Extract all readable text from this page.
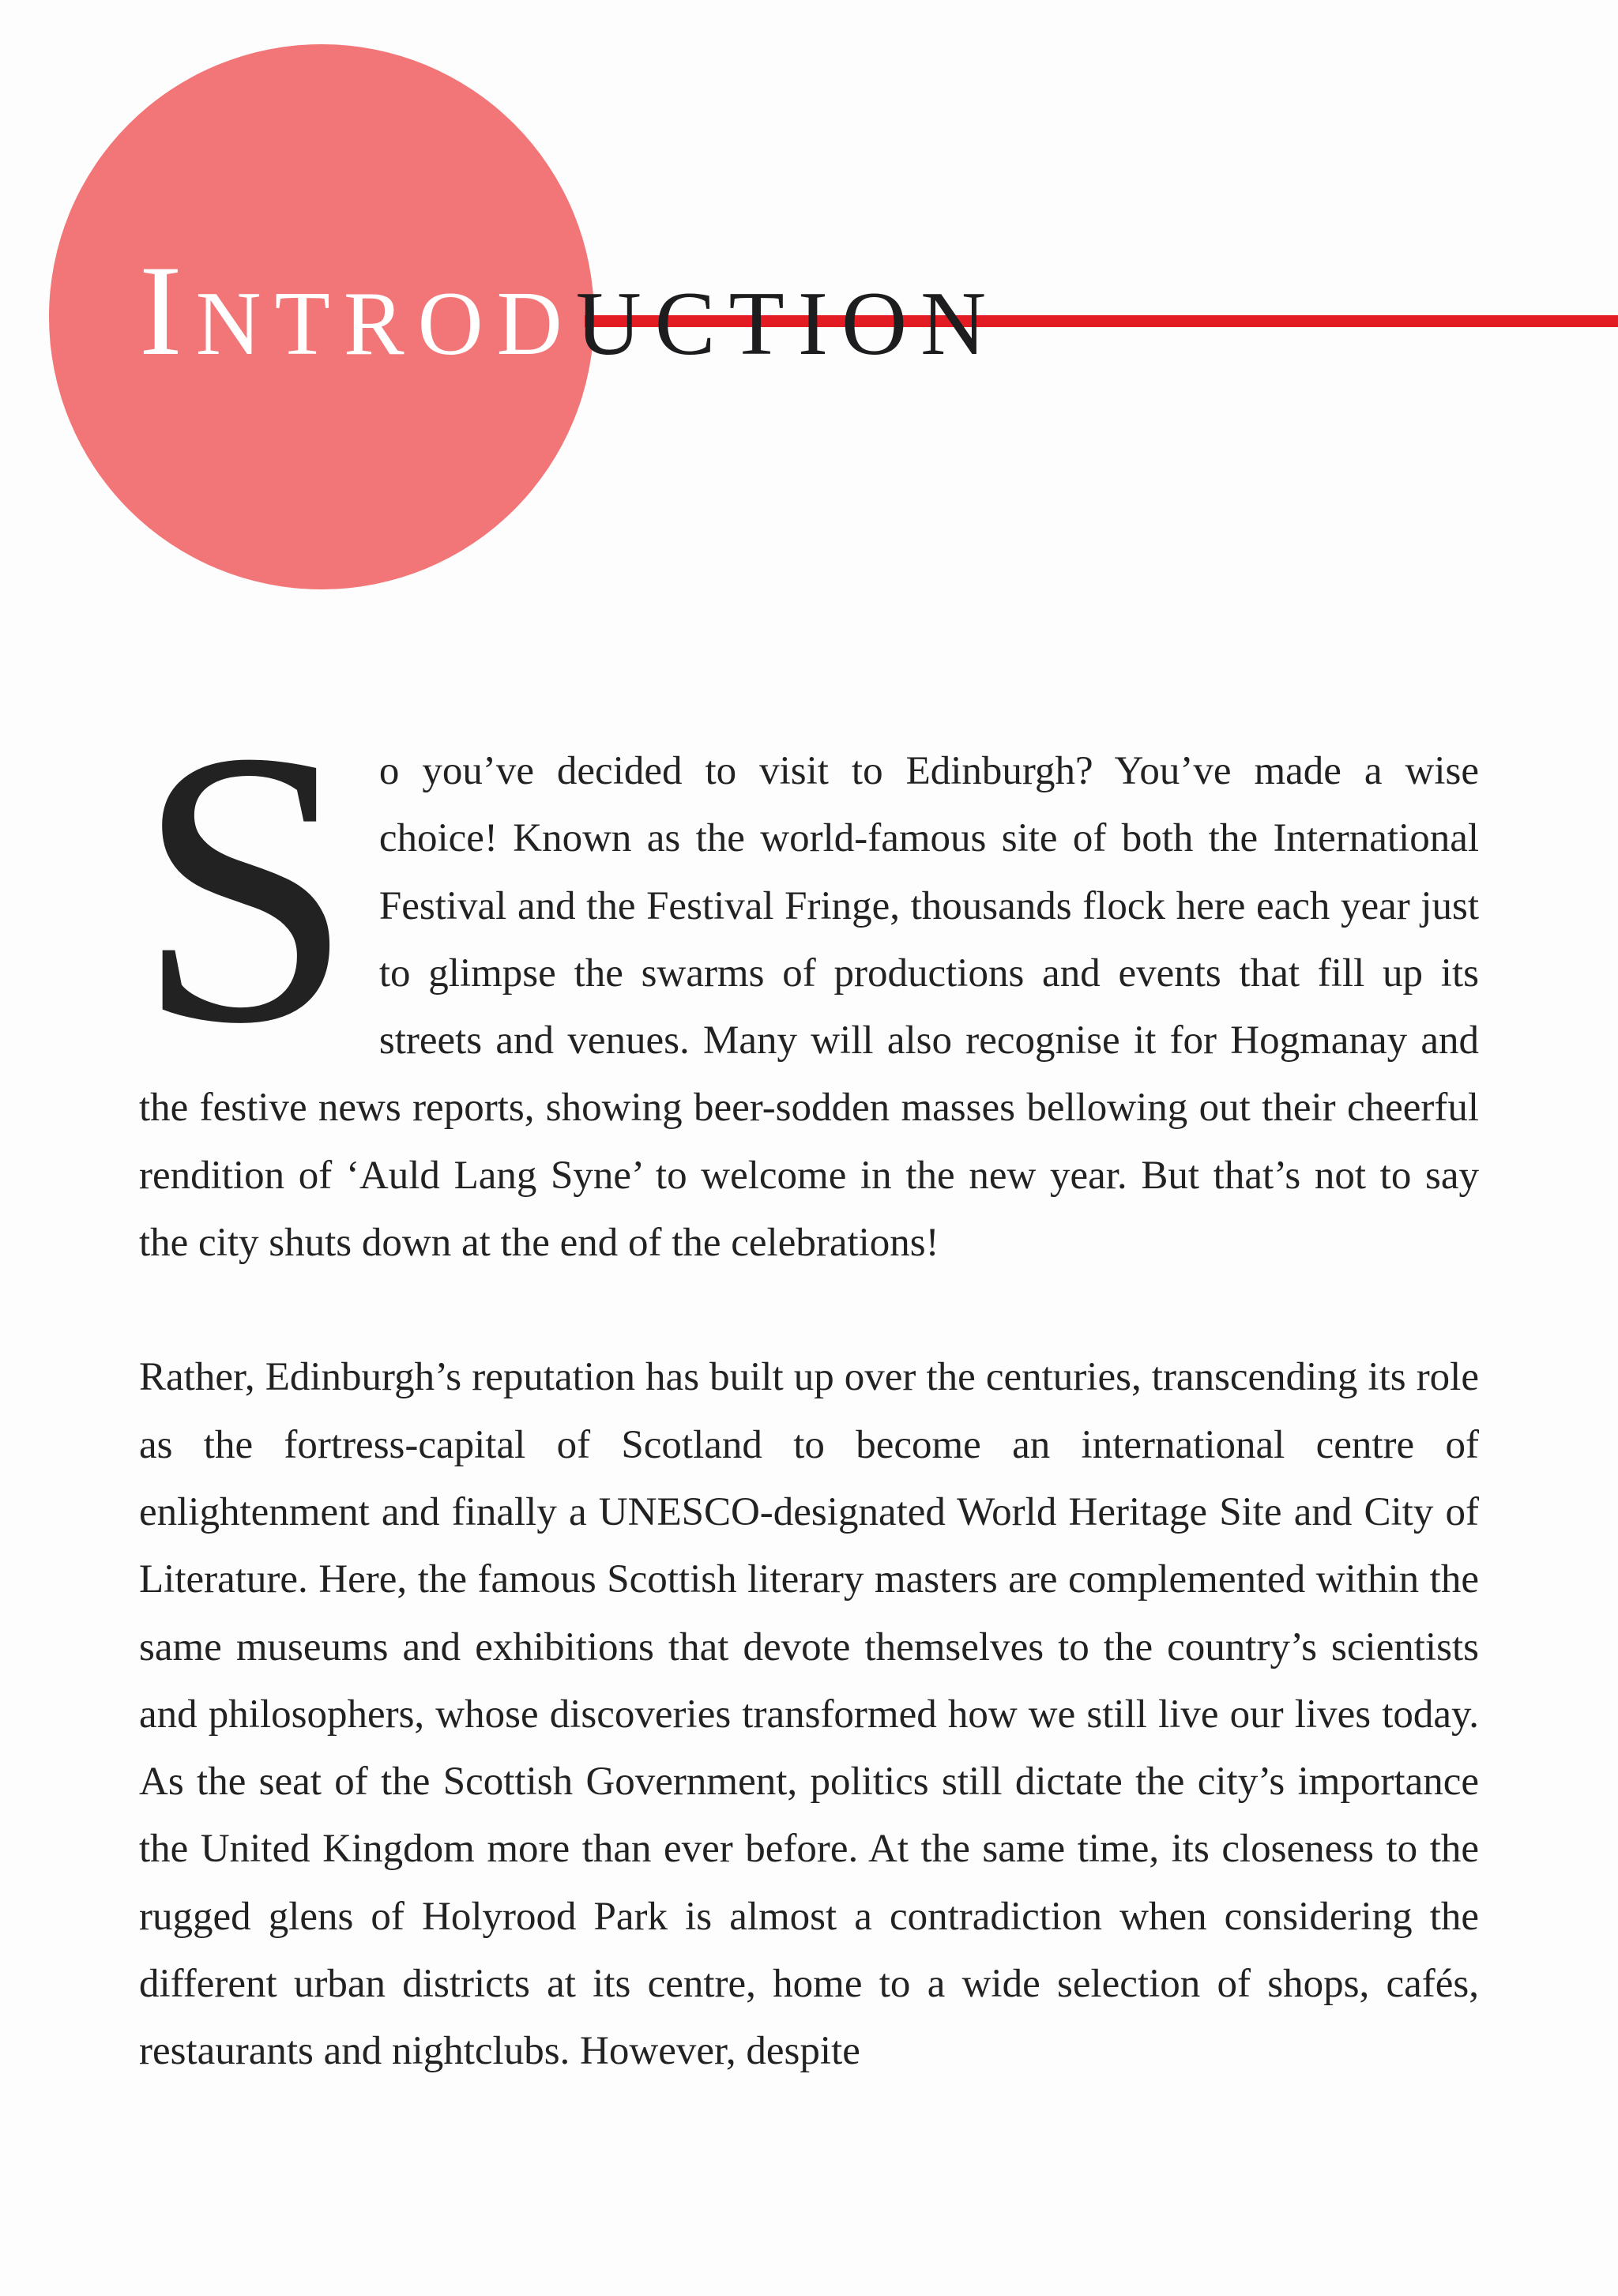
Introduction
S o you’ve decided to visit to Edinburgh? You’ve made a wise choice! Known as the world-famous site of both the International Festival and the Festival Fringe, thousands flock here each year just to glimpse the swarms of productions and events that fill up its streets and venues. Many will also recognise it for Hogmanay and the festive news reports, showing beer-sodden masses bellowing out their cheerful rendition of ‘Auld Lang Syne’ to welcome in the new year. But that’s not to say the city shuts down at the end of the celebrations!

Rather, Edinburgh’s reputation has built up over the centuries, transcending its role as the fortress-capital of Scotland to become an international centre of enlightenment and finally a UNESCO-designated World Heritage Site and City of Literature. Here, the famous Scottish literary masters are complemented within the same museums and exhibitions that devote themselves to the country’s scientists and philosophers, whose discoveries transformed how we still live our lives today. As the seat of the Scottish Government, politics still dictate the city’s importance the United Kingdom more than ever before. At the same time, its closeness to the rugged glens of Holyrood Park is almost a contradiction when considering the different urban districts at its centre, home to a wide selection of shops, cafés, restaurants and nightclubs. However, despite
